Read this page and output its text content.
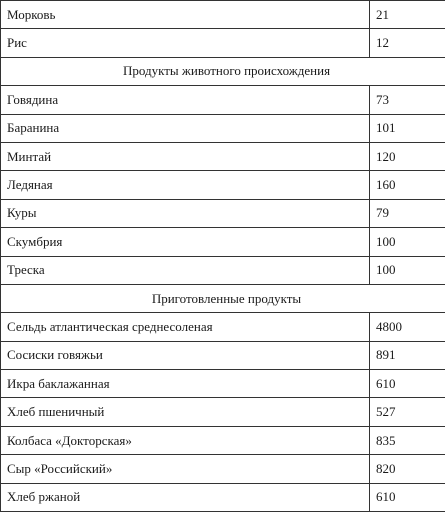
Морковь	21
Рис	12
Продукты животного происхождения	
Говядина	73
Баранина	101
Минтай	120
Ледяная	160
Куры	79
Скумбрия	100
Треска	100
Приготовленные продукты	
Сельдь атлантическая среднесоленая	4800
Сосиски говяжьи	891
Икра баклажанная	610
Хлеб пшеничный	527
Колбаса «Докторская»	835
Сыр «Российский»	820
Хлеб ржаной	610
